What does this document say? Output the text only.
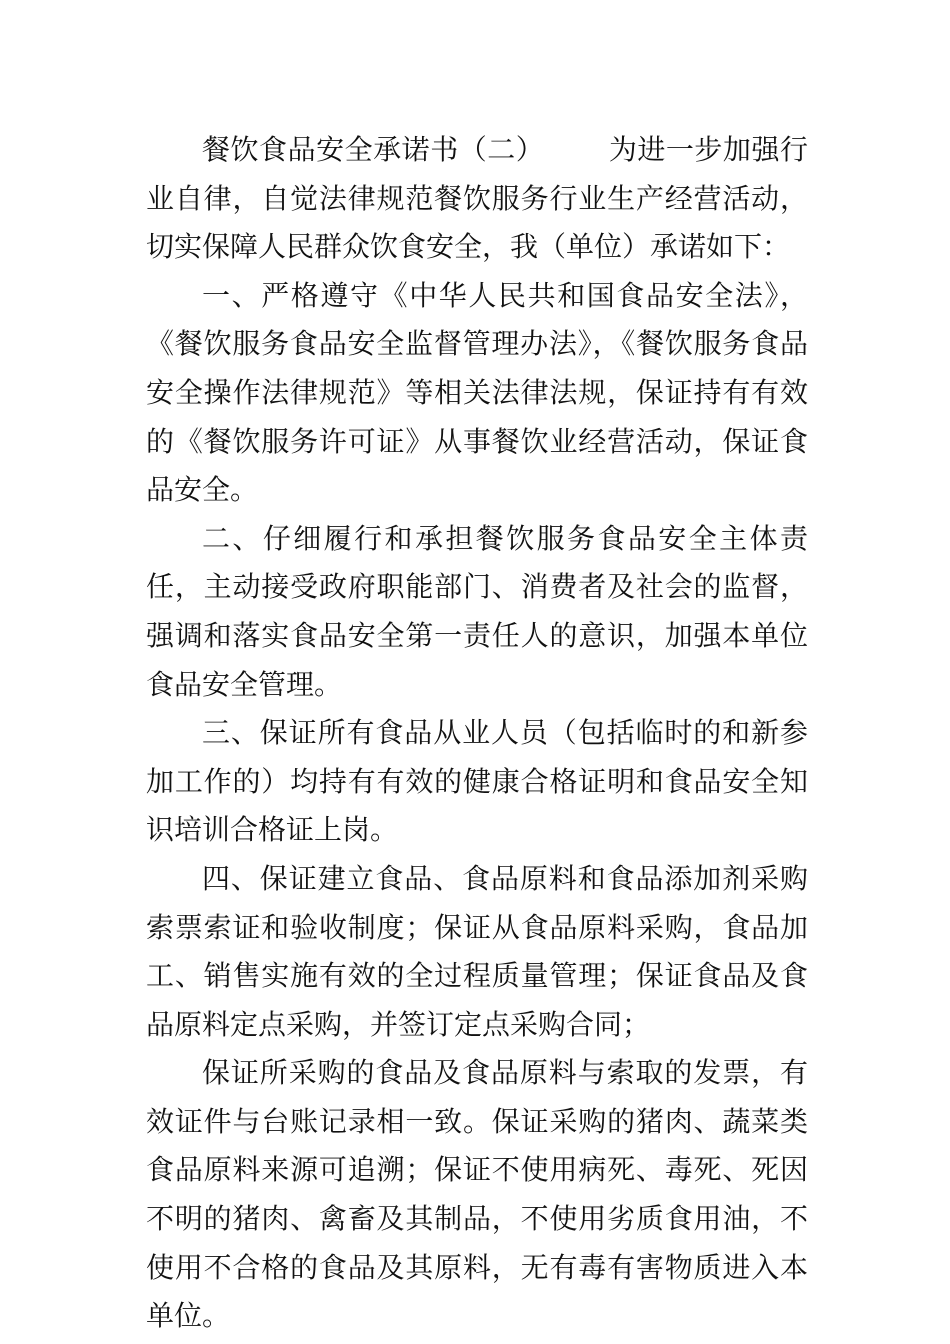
餐饮食品安全承诺书（二） 为进一步加强行业自律，自觉法律规范餐饮服务行业生产经营活动，切实保障人民群众饮食安全，我（单位）承诺如下：

一、严格遵守《中华人民共和国食品安全法》，《餐饮服务食品安全监督管理办法》，《餐饮服务食品安全操作法律规范》等相关法律法规，保证持有有效的《餐饮服务许可证》从事餐饮业经营活动，保证食品安全。

二、仔细履行和承担餐饮服务食品安全主体责任，主动接受政府职能部门、消费者及社会的监督，强调和落实食品安全第一责任人的意识，加强本单位食品安全管理。

三、保证所有食品从业人员（包括临时的和新参加工作的）均持有有效的健康合格证明和食品安全知识培训合格证上岗。

四、保证建立食品、食品原料和食品添加剂采购索票索证和验收制度；保证从食品原料采购，食品加工、销售实施有效的全过程质量管理；保证食品及食品原料定点采购，并签订定点采购合同；

保证所采购的食品及食品原料与索取的发票，有效证件与台账记录相一致。保证采购的猪肉、蔬菜类食品原料来源可追溯；保证不使用病死、毒死、死因不明的猪肉、禽畜及其制品，不使用劣质食用油，不使用不合格的食品及其原料，无有毒有害物质进入本单位。
